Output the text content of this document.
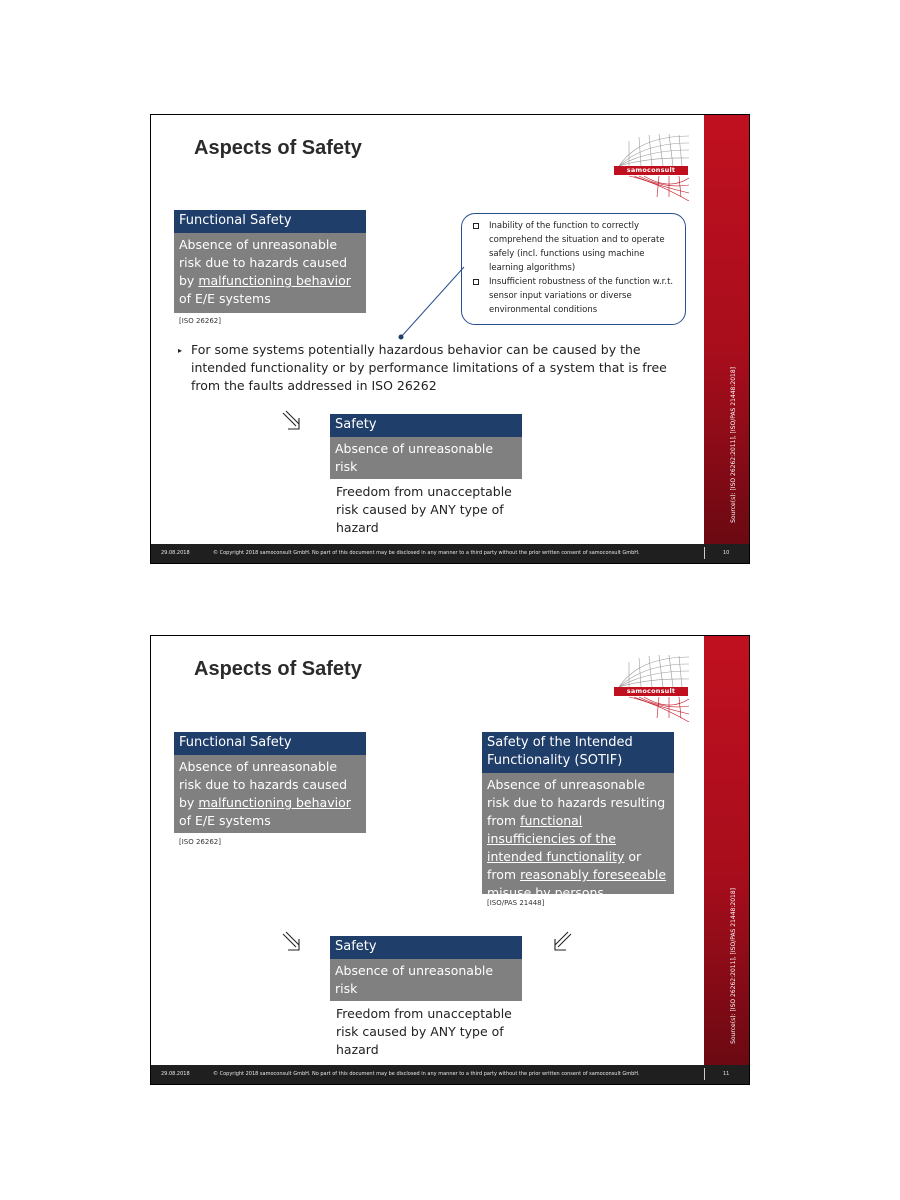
Source(s): [ISO 26262:2011], [ISO/PAS 21448:2018]
Aspects of Safety
samoconsult
Functional Safety
Absence of unreasonable risk due to hazards caused by malfunctioning behavior of E/E systems
[ISO 26262]
Inability of the function to correctly comprehend the situation and to operate safely (incl. functions using machine learning algorithms)
Insufficient robustness of the function w.r.t. sensor input variations or diverse environmental conditions
▸ For some systems potentially hazardous behavior can be caused by the intended functionality or by performance limitations of a system that is free from the faults addressed in ISO 26262
Safety
Absence of unreasonable risk
Freedom from unacceptable risk caused by ANY type of hazard
29.08.2018	© Copyright 2018 samoconsult GmbH. No part of this document may be disclosed in any manner to a third party without the prior written consent of samoconsult GmbH.	10
Source(s): [ISO 26262:2011], [ISO/PAS 21448:2018]
Aspects of Safety
samoconsult
Functional Safety
Absence of unreasonable risk due to hazards caused by malfunctioning behavior of E/E systems
[ISO 26262]
Safety of the Intended Functionality (SOTIF)
Absence of unreasonable risk due to hazards resulting from functional insufficiencies of the intended functionality or from reasonably foreseeable misuse by persons
[ISO/PAS 21448]
Safety
Absence of unreasonable risk
Freedom from unacceptable risk caused by ANY type of hazard
29.08.2018	© Copyright 2018 samoconsult GmbH. No part of this document may be disclosed in any manner to a third party without the prior written consent of samoconsult GmbH.	11
